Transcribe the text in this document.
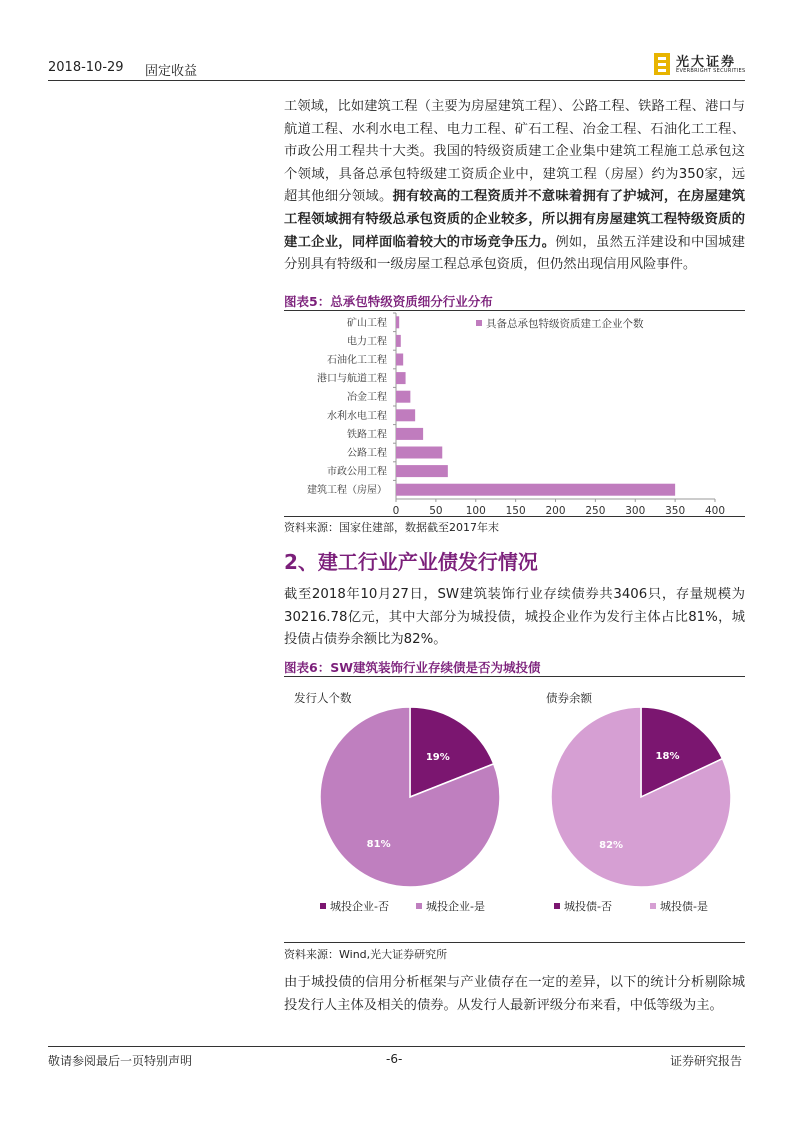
2018-10-29 固定收益
光大证券
EVERBRIGHT SECURITIES
工领域，比如建筑工程（主要为房屋建筑工程）、公路工程、铁路工程、港口与航道工程、水利水电工程、电力工程、矿石工程、冶金工程、石油化工工程、市政公用工程共十大类。我国的特级资质建工企业集中建筑工程施工总承包这个领域，具备总承包特级建工资质企业中，建筑工程（房屋）约为350家，远超其他细分领域。拥有较高的工程资质并不意味着拥有了护城河，在房屋建筑工程领域拥有特级总承包资质的企业较多，所以拥有房屋建筑工程特级资质的建工企业，同样面临着较大的市场竞争压力。例如，虽然五洋建设和中国城建分别具有特级和一级房屋工程总承包资质，但仍然出现信用风险事件。
图表5：总承包特级资质细分行业分布
0	50 100 150 200 250 300 350 400
矿山工程
电力工程
石油化工工程
港口与航道工程
冶金工程
水利水电工程
铁路工程
公路工程
市政公用工程
建筑工程（房屋）
具备总承包特级资质建工企业个数
资料来源：国家住建部，数据截至2017年末
2、建工行业产业债发行情况
截至2018年10月27日，SW建筑装饰行业存续债券共3406只，存量规模为30216.78亿元，其中大部分为城投债，城投企业作为发行主体占比81%，城投债占债券余额比为82%。
图表6：SW建筑装饰行业存续债是否为城投债
发行人个数
19%
81%
城投企业-否	城投企业-是
债券余额
18%
82%
城投债-否	城投债-是
资料来源：Wind,光大证券研究所
由于城投债的信用分析框架与产业债存在一定的差异，以下的统计分析剔除城投发行人主体及相关的债券。从发行人最新评级分布来看，中低等级为主。
敬请参阅最后一页特别声明	-6-	证券研究报告
